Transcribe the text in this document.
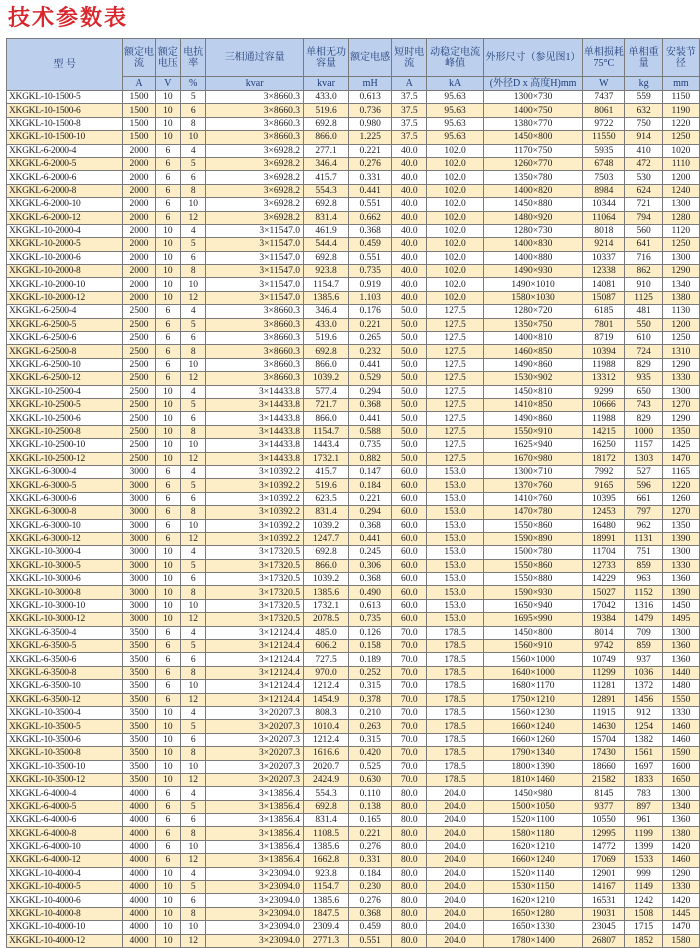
技术参数表
型 号	额定电流	额定电压	电抗率	三相通过容量	单相无功容量	额定电感	短时电流	动稳定电流峰值	外形尺寸（参见图1）	单相损耗75°C	单相重量	安装节径
	A	V	%	kvar	kvar	mH	A	kA	(外径D x 高度H)mm	W	kg	mm
XKGKL-10-1500-5	1500	10	5	3×8660.3	433.0	0.613	37.5	95.63	1300×730	7437	559	1150
XKGKL-10-1500-6	1500	10	6	3×8660.3	519.6	0.736	37.5	95.63	1400×750	8061	632	1190
XKGKL-10-1500-8	1500	10	8	3×8660.3	692.8	0.980	37.5	95.63	1380×770	9722	750	1220
XKGKL-10-1500-10	1500	10	10	3×8660.3	866.0	1.225	37.5	95.63	1450×800	11550	914	1250
XKGKL-6-2000-4	2000	6	4	3×6928.2	277.1	0.221	40.0	102.0	1170×750	5935	410	1020
XKGKL-6-2000-5	2000	6	5	3×6928.2	346.4	0.276	40.0	102.0	1260×770	6748	472	1110
XKGKL-6-2000-6	2000	6	6	3×6928.2	415.7	0.331	40.0	102.0	1350×780	7503	530	1200
XKGKL-6-2000-8	2000	6	8	3×6928.2	554.3	0.441	40.0	102.0	1400×820	8984	624	1240
XKGKL-6-2000-10	2000	6	10	3×6928.2	692.8	0.551	40.0	102.0	1450×880	10344	721	1300
XKGKL-6-2000-12	2000	6	12	3×6928.2	831.4	0.662	40.0	102.0	1480×920	11064	794	1280
XKGKL-10-2000-4	2000	10	4	3×11547.0	461.9	0.368	40.0	102.0	1280×730	8018	560	1120
XKGKL-10-2000-5	2000	10	5	3×11547.0	544.4	0.459	40.0	102.0	1400×830	9214	641	1250
XKGKL-10-2000-6	2000	10	6	3×11547.0	692.8	0.551	40.0	102.0	1400×880	10337	716	1300
XKGKL-10-2000-8	2000	10	8	3×11547.0	923.8	0.735	40.0	102.0	1490×930	12338	862	1290
XKGKL-10-2000-10	2000	10	10	3×11547.0	1154.7	0.919	40.0	102.0	1490×1010	14081	910	1340
XKGKL-10-2000-12	2000	10	12	3×11547.0	1385.6	1.103	40.0	102.0	1580×1030	15087	1125	1380
XKGKL-6-2500-4	2500	6	4	3×8660.3	346.4	0.176	50.0	127.5	1280×720	6185	481	1130
XKGKL-6-2500-5	2500	6	5	3×8660.3	433.0	0.221	50.0	127.5	1350×750	7801	550	1200
XKGKL-6-2500-6	2500	6	6	3×8660.3	519.6	0.265	50.0	127.5	1400×810	8719	610	1250
XKGKL-6-2500-8	2500	6	8	3×8660.3	692.8	0.232	50.0	127.5	1460×850	10394	724	1310
XKGKL-6-2500-10	2500	6	10	3×8660.3	866.0	0.441	50.0	127.5	1490×860	11988	829	1290
XKGKL-6-2500-12	2500	6	12	3×8660.3	1039.2	0.529	50.0	127.5	1530×902	13312	935	1330
XKGKL-10-2500-4	2500	10	4	3×14433.8	577.4	0.294	50.0	127.5	1450×810	9299	650	1300
XKGKL-10-2500-5	2500	10	5	3×14433.8	721.7	0.368	50.0	127.5	1410×850	10666	743	1270
XKGKL-10-2500-6	2500	10	6	3×14433.8	866.0	0.441	50.0	127.5	1490×860	11988	829	1290
XKGKL-10-2500-8	2500	10	8	3×14433.8	1154.7	0.588	50.0	127.5	1550×910	14215	1000	1350
XKGKL-10-2500-10	2500	10	10	3×14433.8	1443.4	0.735	50.0	127.5	1625×940	16250	1157	1425
XKGKL-10-2500-12	2500	10	12	3×14433.8	1732.1	0.882	50.0	127.5	1670×980	18172	1303	1470
XKGKL-6-3000-4	3000	6	4	3×10392.2	415.7	0.147	60.0	153.0	1300×710	7992	527	1165
XKGKL-6-3000-5	3000	6	5	3×10392.2	519.6	0.184	60.0	153.0	1370×760	9165	596	1220
XKGKL-6-3000-6	3000	6	6	3×10392.2	623.5	0.221	60.0	153.0	1410×760	10395	661	1260
XKGKL-6-3000-8	3000	6	8	3×10392.2	831.4	0.294	60.0	153.0	1470×780	12453	797	1270
XKGKL-6-3000-10	3000	6	10	3×10392.2	1039.2	0.368	60.0	153.0	1550×860	16480	962	1350
XKGKL-6-3000-12	3000	6	12	3×10392.2	1247.7	0.441	60.0	153.0	1590×890	18991	1131	1390
XKGKL-10-3000-4	3000	10	4	3×17320.5	692.8	0.245	60.0	153.0	1500×780	11704	751	1300
XKGKL-10-3000-5	3000	10	5	3×17320.5	866.0	0.306	60.0	153.0	1550×860	12733	859	1330
XKGKL-10-3000-6	3000	10	6	3×17320.5	1039.2	0.368	60.0	153.0	1550×880	14229	963	1360
XKGKL-10-3000-8	3000	10	8	3×17320.5	1385.6	0.490	60.0	153.0	1590×930	15027	1152	1390
XKGKL-10-3000-10	3000	10	10	3×17320.5	1732.1	0.613	60.0	153.0	1650×940	17042	1316	1450
XKGKL-10-3000-12	3000	10	12	3×17320.5	2078.5	0.735	60.0	153.0	1695×990	19384	1479	1495
XKGKL-6-3500-4	3500	6	4	3×12124.4	485.0	0.126	70.0	178.5	1450×800	8014	709	1300
XKGKL-6-3500-5	3500	6	5	3×12124.4	606.2	0.158	70.0	178.5	1560×910	9742	859	1360
XKGKL-6-3500-6	3500	6	6	3×12124.4	727.5	0.189	70.0	178.5	1560×1000	10749	937	1360
XKGKL-6-3500-8	3500	6	8	3×12124.4	970.0	0.252	70.0	178.5	1640×1000	11299	1036	1440
XKGKL-6-3500-10	3500	6	10	3×12124.4	1212.4	0.315	70.0	178.5	1680×1170	11281	1372	1480
XKGKL-6-3500-12	3500	6	12	3×12124.4	1454.9	0.378	70.0	178.5	1750×1210	12891	1456	1550
XKGKL-10-3500-4	3500	10	4	3×20207.3	808.3	0.210	70.0	178.5	1560×1230	11915	912	1330
XKGKL-10-3500-5	3500	10	5	3×20207.3	1010.4	0.263	70.0	178.5	1660×1240	14630	1254	1460
XKGKL-10-3500-6	3500	10	6	3×20207.3	1212.4	0.315	70.0	178.5	1660×1260	15704	1382	1460
XKGKL-10-3500-8	3500	10	8	3×20207.3	1616.6	0.420	70.0	178.5	1790×1340	17430	1561	1590
XKGKL-10-3500-10	3500	10	10	3×20207.3	2020.7	0.525	70.0	178.5	1800×1390	18660	1697	1600
XKGKL-10-3500-12	3500	10	12	3×20207.3	2424.9	0.630	70.0	178.5	1810×1460	21582	1833	1650
XKGKL-6-4000-4	4000	6	4	3×13856.4	554.3	0.110	80.0	204.0	1450×980	8145	783	1300
XKGKL-6-4000-5	4000	6	5	3×13856.4	692.8	0.138	80.0	204.0	1500×1050	9377	897	1340
XKGKL-6-4000-6	4000	6	6	3×13856.4	831.4	0.165	80.0	204.0	1520×1100	10550	961	1360
XKGKL-6-4000-8	4000	6	8	3×13856.4	1108.5	0.221	80.0	204.0	1580×1180	12995	1199	1380
XKGKL-6-4000-10	4000	6	10	3×13856.4	1385.6	0.276	80.0	204.0	1620×1210	14772	1399	1420
XKGKL-6-4000-12	4000	6	12	3×13856.4	1662.8	0.331	80.0	204.0	1660×1240	17069	1533	1460
XKGKL-10-4000-4	4000	10	4	3×23094.0	923.8	0.184	80.0	204.0	1520×1140	12901	999	1290
XKGKL-10-4000-5	4000	10	5	3×23094.0	1154.7	0.230	80.0	204.0	1530×1150	14167	1149	1330
XKGKL-10-4000-6	4000	10	6	3×23094.0	1385.6	0.276	80.0	204.0	1620×1210	16531	1242	1420
XKGKL-10-4000-8	4000	10	8	3×23094.0	1847.5	0.368	80.0	204.0	1650×1280	19031	1508	1445
XKGKL-10-4000-10	4000	10	10	3×23094.0	2309.4	0.459	80.0	204.0	1650×1330	23045	1715	1470
XKGKL-10-4000-12	4000	10	12	3×23094.0	2771.3	0.551	80.0	204.0	1780×1400	26807	1852	1580
